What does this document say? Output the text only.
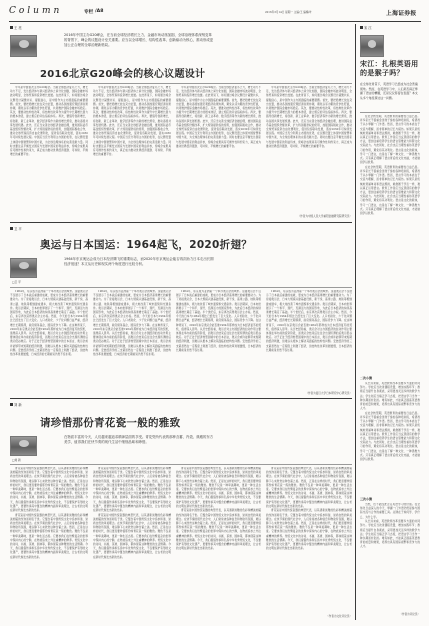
Column	专栏 /A8	2016年3月14日 星期一 主编/王 编辑/叶	上海证券报
王 亮
2016北京G20峰会的核心议题设计
2016年中国主办G20峰会，在当前全球经济增长乏力、金融市场动荡加剧、全球治理体系深刻变革的背景下，峰会的议题设计至关重要。应当以全球增长、结构性改革、创新驱动为核心，推动形成更加公正合理的全球治理新格局。

今年是中国首次主办G20峰会。当前全球经济复苏乏力，增长动力不足，发达经济体与新兴经济体之间分化加剧，国际金融市场波动明显，全球贸易和投资增长放缓。在此背景下，如何通过峰会议题设计凝聚共识、提振信心，是中国作为主办国面临的重要课题。首先，要把稳增长放在突出位置，推动各国加强宏观经济政策协调，避免以邻为壑的竞争性贬值，共同维护国际金融市场稳定。其次，要推动结构性改革，将结构性改革作为提升中长期增长潜力的根本途径，建立相应的评估指标体系。再次，要倡导创新增长，将创新、新工业革命、数字经济等作为新的增长源泉，推动各国共享发展机遇。此外，还应当完善全球经济金融治理，推进国际货币基金组织份额改革，扩大特别提款权的使用，加强国际税收合作，推动全球贸易投资自由化便利化，促进包容联动发展，落实2030年可持续发展议程。中国应当充分利用主办国的优势，在议题设置上体现中国智慧和中国方案，为全球治理体系的完善贡献力量。同时也要注意平衡发达国家与发展中国家的利益诉求，使峰会成果具有可操作性和约束力，真正成为推动世界经济强劲、可持续、平衡增长的重要平台。

今年是中国首次主办G20峰会。当前全球经济复苏乏力，增长动力不足，发达经济体与新兴经济体之间分化加剧，国际金融市场波动明显，全球贸易和投资增长放缓。在此背景下，如何通过峰会议题设计凝聚共识、提振信心，是中国作为主办国面临的重要课题。首先，要把稳增长放在突出位置，推动各国加强宏观经济政策协调，避免以邻为壑的竞争性贬值，共同维护国际金融市场稳定。其次，要推动结构性改革，将结构性改革作为提升中长期增长潜力的根本途径，建立相应的评估指标体系。再次，要倡导创新增长，将创新、新工业革命、数字经济等作为新的增长源泉，推动各国共享发展机遇。此外，还应当完善全球经济金融治理，推进国际货币基金组织份额改革，扩大特别提款权的使用，加强国际税收合作，推动全球贸易投资自由化便利化，促进包容联动发展，落实2030年可持续发展议程。中国应当充分利用主办国的优势，在议题设置上体现中国智慧和中国方案，为全球治理体系的完善贡献力量。同时也要注意平衡发达国家与发展中国家的利益诉求，使峰会成果具有可操作性和约束力，真正成为推动世界经济强劲、可持续、平衡增长的重要平台。

今年是中国首次主办G20峰会。当前全球经济复苏乏力，增长动力不足，发达经济体与新兴经济体之间分化加剧，国际金融市场波动明显，全球贸易和投资增长放缓。在此背景下，如何通过峰会议题设计凝聚共识、提振信心，是中国作为主办国面临的重要课题。首先，要把稳增长放在突出位置，推动各国加强宏观经济政策协调，避免以邻为壑的竞争性贬值，共同维护国际金融市场稳定。其次，要推动结构性改革，将结构性改革作为提升中长期增长潜力的根本途径，建立相应的评估指标体系。再次，要倡导创新增长，将创新、新工业革命、数字经济等作为新的增长源泉，推动各国共享发展机遇。此外，还应当完善全球经济金融治理，推进国际货币基金组织份额改革，扩大特别提款权的使用，加强国际税收合作，推动全球贸易投资自由化便利化，促进包容联动发展，落实2030年可持续发展议程。中国应当充分利用主办国的优势，在议题设置上体现中国智慧和中国方案，为全球治理体系的完善贡献力量。同时也要注意平衡发达国家与发展中国家的利益诉求，使峰会成果具有可操作性和约束力，真正成为推动世界经济强劲、可持续、平衡增长的重要平台。

今年是中国首次主办G20峰会。当前全球经济复苏乏力，增长动力不足，发达经济体与新兴经济体之间分化加剧，国际金融市场波动明显，全球贸易和投资增长放缓。在此背景下，如何通过峰会议题设计凝聚共识、提振信心，是中国作为主办国面临的重要课题。首先，要把稳增长放在突出位置，推动各国加强宏观经济政策协调，避免以邻为壑的竞争性贬值，共同维护国际金融市场稳定。其次，要推动结构性改革，将结构性改革作为提升中长期增长潜力的根本途径，建立相应的评估指标体系。再次，要倡导创新增长，将创新、新工业革命、数字经济等作为新的增长源泉，推动各国共享发展机遇。此外，还应当完善全球经济金融治理，推进国际货币基金组织份额改革，扩大特别提款权的使用，加强国际税收合作，推动全球贸易投资自由化便利化，促进包容联动发展，落实2030年可持续发展议程。中国应当充分利用主办国的优势，在议题设置上体现中国智慧和中国方案，为全球治理体系的完善贡献力量。同时也要注意平衡发达国家与发展中国家的利益诉求，使峰会成果具有可操作性和约束力，真正成为推动世界经济强劲、可持续、平衡增长的重要平台。

（作者为中国人民大学重阳金融研究院研究员）
宋 江
宋江：扎根英语用的是猴子吗？
在全球化背景下，英语学习已经成为社会普遍现象。然而，在英语学习中，人们是否真正掌握了语言的精髓，还是仅仅停留在表面？本文从多个角度探讨这一问题。

在社会转型期，英语教育的重要性日益凸显。许多家长不惜重金送孩子参加各种培训班，希望孩子从小掌握一门外语。然而，语言学习的本质在于交流与理解，而非简单的记忆与模仿。如果只是机械地背诵单词和语法规则，就像猴子学舌一样，难以真正运用语言。教育工作者应当反思现有的教学方法，更加注重培养学生的语言思维能力和跨文化交际能力。与此同时，社会也应当理性看待英语学习的作用，避免将其功利化。语言是文化的载体，学习一门语言，也是在了解一种文化、一种思维方式。只有真正理解了语言背后的文化内涵，才能做到学以致用。

在社会转型期，英语教育的重要性日益凸显。许多家长不惜重金送孩子参加各种培训班，希望孩子从小掌握一门外语。然而，语言学习的本质在于交流与理解，而非简单的记忆与模仿。如果只是机械地背诵单词和语法规则，就像猴子学舌一样，难以真正运用语言。教育工作者应当反思现有的教学方法，更加注重培养学生的语言思维能力和跨文化交际能力。与此同时，社会也应当理性看待英语学习的作用，避免将其功利化。语言是文化的载体，学习一门语言，也是在了解一种文化、一种思维方式。只有真正理解了语言背后的文化内涵，才能做到学以致用。

二次小测

从长远来看，英语教育改革需要多方面的共同努力。学校应当改进课程设置，增加实践环节；教师应当提升自身素质，采用更加灵活多样的教学方法；学生则应当端正学习态度，把语言学习当作一种乐趣而非负担。唯有如此，才能真正提高英语教育的质量和效果，培养出具有国际视野和竞争力的人才。

在社会转型期，英语教育的重要性日益凸显。许多家长不惜重金送孩子参加各种培训班，希望孩子从小掌握一门外语。然而，语言学习的本质在于交流与理解，而非简单的记忆与模仿。如果只是机械地背诵单词和语法规则，就像猴子学舌一样，难以真正运用语言。教育工作者应当反思现有的教学方法，更加注重培养学生的语言思维能力和跨文化交际能力。与此同时，社会也应当理性看待英语学习的作用，避免将其功利化。语言是文化的载体，学习一门语言，也是在了解一种文化、一种思维方式。只有真正理解了语言背后的文化内涵，才能做到学以致用。

三次小测

当然，也不能因此否定英语学习的价值。在全球化日益深入的今天，掌握一门外语仍然是参与国际交流与合作的重要工具。关键在于如何学、学什么、为什么学。

从长远来看，英语教育改革需要多方面的共同努力。学校应当改进课程设置，增加实践环节；教师应当提升自身素质，采用更加灵活多样的教学方法；学生则应当端正学习态度，把语言学习当作一种乐趣而非负担。唯有如此，才能真正提高英语教育的质量和效果，培养出具有国际视野和竞争力的人才。

（作者为评论员）
卫 平
奥运与日本国运：1964起飞，2020折翅？
□卫 平
1964年东京奥运会成为日本经济腾飞的重要标志，而2020年东京奥运会能否再次助力日本走出长期经济低迷？本文从历史和现实两个角度进行比较分析。

1964年，东京成为亚洲第一个举办奥运会的城市。这届奥运会不仅展示了日本战后重建的成就，更成为日本经济高速增长的重要推动力。为了迎接奥运会，日本大规模兴建基础设施，新干线、高速公路、地铁等相继建成通车，极大地改善了城市面貌和交通条件。奥运会期间，日本向世界展示了一个和平、现代、充满活力的国家形象，为此后日本经济的持续高速增长奠定了基础。半个世纪后，东京再次获得奥运会主办权。然而，今天的日本与1964年相比已经发生了巨大变化。人口老龄化、少子化问题日益严重，经济增长长期停滞，政府债务高企，国际竞争力下降。在这种背景下，2020年东京奥运会能否像1964年那样成为日本经济复苏的契机，值得深入思考。从历史经验看，奥运会对主办国经济的拉动作用主要体现在举办前的投资阶段，而奥运会结束后往往会出现所谓的后奥运低谷效应。对于正处于经济转型困境中的日本而言，奥运会或许能够带来短期的经济刺激，但难以从根本上解决其面临的结构性问题。安倍经济学的三支箭虽然在一定程度上刺激了经济，但结构性改革进展缓慢，日本经济的长期前景仍然不容乐观。

1964年，东京成为亚洲第一个举办奥运会的城市。这届奥运会不仅展示了日本战后重建的成就，更成为日本经济高速增长的重要推动力。为了迎接奥运会，日本大规模兴建基础设施，新干线、高速公路、地铁等相继建成通车，极大地改善了城市面貌和交通条件。奥运会期间，日本向世界展示了一个和平、现代、充满活力的国家形象，为此后日本经济的持续高速增长奠定了基础。半个世纪后，东京再次获得奥运会主办权。然而，今天的日本与1964年相比已经发生了巨大变化。人口老龄化、少子化问题日益严重，经济增长长期停滞，政府债务高企，国际竞争力下降。在这种背景下，2020年东京奥运会能否像1964年那样成为日本经济复苏的契机，值得深入思考。从历史经验看，奥运会对主办国经济的拉动作用主要体现在举办前的投资阶段，而奥运会结束后往往会出现所谓的后奥运低谷效应。对于正处于经济转型困境中的日本而言，奥运会或许能够带来短期的经济刺激，但难以从根本上解决其面临的结构性问题。安倍经济学的三支箭虽然在一定程度上刺激了经济，但结构性改革进展缓慢，日本经济的长期前景仍然不容乐观。

1964年，东京成为亚洲第一个举办奥运会的城市。这届奥运会不仅展示了日本战后重建的成就，更成为日本经济高速增长的重要推动力。为了迎接奥运会，日本大规模兴建基础设施，新干线、高速公路、地铁等相继建成通车，极大地改善了城市面貌和交通条件。奥运会期间，日本向世界展示了一个和平、现代、充满活力的国家形象，为此后日本经济的持续高速增长奠定了基础。半个世纪后，东京再次获得奥运会主办权。然而，今天的日本与1964年相比已经发生了巨大变化。人口老龄化、少子化问题日益严重，经济增长长期停滞，政府债务高企，国际竞争力下降。在这种背景下，2020年东京奥运会能否像1964年那样成为日本经济复苏的契机，值得深入思考。从历史经验看，奥运会对主办国经济的拉动作用主要体现在举办前的投资阶段，而奥运会结束后往往会出现所谓的后奥运低谷效应。对于正处于经济转型困境中的日本而言，奥运会或许能够带来短期的经济刺激，但难以从根本上解决其面临的结构性问题。安倍经济学的三支箭虽然在一定程度上刺激了经济，但结构性改革进展缓慢，日本经济的长期前景仍然不容乐观。

1964年，东京成为亚洲第一个举办奥运会的城市。这届奥运会不仅展示了日本战后重建的成就，更成为日本经济高速增长的重要推动力。为了迎接奥运会，日本大规模兴建基础设施，新干线、高速公路、地铁等相继建成通车，极大地改善了城市面貌和交通条件。奥运会期间，日本向世界展示了一个和平、现代、充满活力的国家形象，为此后日本经济的持续高速增长奠定了基础。半个世纪后，东京再次获得奥运会主办权。然而，今天的日本与1964年相比已经发生了巨大变化。人口老龄化、少子化问题日益严重，经济增长长期停滞，政府债务高企，国际竞争力下降。在这种背景下，2020年东京奥运会能否像1964年那样成为日本经济复苏的契机，值得深入思考。从历史经验看，奥运会对主办国经济的拉动作用主要体现在举办前的投资阶段，而奥运会结束后往往会出现所谓的后奥运低谷效应。对于正处于经济转型困境中的日本而言，奥运会或许能够带来短期的经济刺激，但难以从根本上解决其面临的结构性问题。安倍经济学的三支箭虽然在一定程度上刺激了经济，但结构性改革进展缓慢，日本经济的长期前景仍然不容乐观。

（作者为复旦大学日本研究中心研究员）
刘 新
请珍惜那份青花瓷一般的雅致
□刘 新
在物质丰富的今天，人们越来越追求精神层面的享受。青花瓷所代表的那种含蓄、内敛、典雅的东方美学，值得我们在快节奏的现代生活中细细品味和珍惜。

青花瓷是中国传统瓷器的典型代表，以其清新淡雅的色彩和精美细腻的纹饰而闻名于世。它蕴含着中国传统文化中追求和谐、崇尚自然的审美理念。在快节奏的现代社会中，人们常常被各种信息和物欲所包围，难以静下心来欣赏这种含蓄之美。然而，正是在这样的时代，我们更需要珍惜那份如青花瓷一般的雅致。雅致不仅是一种审美趣味，更是一种生活态度。它要求我们在纷繁复杂的世界中保持内心的宁静，在物质追求之外注重精神的修养。传统文化中的诗词、书画、茶道、园林等，都体现着这种雅致的生活情趣。今天，我们提倡传承和弘扬中华优秀传统文化，不仅要保护有形的文化遗产，更要传承其中蕴含的精神内涵和审美理念，让古老的文明在新时代焕发出新的光彩。

青花瓷是中国传统瓷器的典型代表，以其清新淡雅的色彩和精美细腻的纹饰而闻名于世。它蕴含着中国传统文化中追求和谐、崇尚自然的审美理念。在快节奏的现代社会中，人们常常被各种信息和物欲所包围，难以静下心来欣赏这种含蓄之美。然而，正是在这样的时代，我们更需要珍惜那份如青花瓷一般的雅致。雅致不仅是一种审美趣味，更是一种生活态度。它要求我们在纷繁复杂的世界中保持内心的宁静，在物质追求之外注重精神的修养。传统文化中的诗词、书画、茶道、园林等，都体现着这种雅致的生活情趣。今天，我们提倡传承和弘扬中华优秀传统文化，不仅要保护有形的文化遗产，更要传承其中蕴含的精神内涵和审美理念，让古老的文明在新时代焕发出新的光彩。

青花瓷是中国传统瓷器的典型代表，以其清新淡雅的色彩和精美细腻的纹饰而闻名于世。它蕴含着中国传统文化中追求和谐、崇尚自然的审美理念。在快节奏的现代社会中，人们常常被各种信息和物欲所包围，难以静下心来欣赏这种含蓄之美。然而，正是在这样的时代，我们更需要珍惜那份如青花瓷一般的雅致。雅致不仅是一种审美趣味，更是一种生活态度。它要求我们在纷繁复杂的世界中保持内心的宁静，在物质追求之外注重精神的修养。传统文化中的诗词、书画、茶道、园林等，都体现着这种雅致的生活情趣。今天，我们提倡传承和弘扬中华优秀传统文化，不仅要保护有形的文化遗产，更要传承其中蕴含的精神内涵和审美理念，让古老的文明在新时代焕发出新的光彩。

青花瓷是中国传统瓷器的典型代表，以其清新淡雅的色彩和精美细腻的纹饰而闻名于世。它蕴含着中国传统文化中追求和谐、崇尚自然的审美理念。在快节奏的现代社会中，人们常常被各种信息和物欲所包围，难以静下心来欣赏这种含蓄之美。然而，正是在这样的时代，我们更需要珍惜那份如青花瓷一般的雅致。雅致不仅是一种审美趣味，更是一种生活态度。它要求我们在纷繁复杂的世界中保持内心的宁静，在物质追求之外注重精神的修养。传统文化中的诗词、书画、茶道、园林等，都体现着这种雅致的生活情趣。今天，我们提倡传承和弘扬中华优秀传统文化，不仅要保护有形的文化遗产，更要传承其中蕴含的精神内涵和审美理念，让古老的文明在新时代焕发出新的光彩。

青花瓷是中国传统瓷器的典型代表，以其清新淡雅的色彩和精美细腻的纹饰而闻名于世。它蕴含着中国传统文化中追求和谐、崇尚自然的审美理念。在快节奏的现代社会中，人们常常被各种信息和物欲所包围，难以静下心来欣赏这种含蓄之美。然而，正是在这样的时代，我们更需要珍惜那份如青花瓷一般的雅致。雅致不仅是一种审美趣味，更是一种生活态度。它要求我们在纷繁复杂的世界中保持内心的宁静，在物质追求之外注重精神的修养。传统文化中的诗词、书画、茶道、园林等，都体现着这种雅致的生活情趣。今天，我们提倡传承和弘扬中华优秀传统文化，不仅要保护有形的文化遗产，更要传承其中蕴含的精神内涵和审美理念，让古老的文明在新时代焕发出新的光彩。

青花瓷是中国传统瓷器的典型代表，以其清新淡雅的色彩和精美细腻的纹饰而闻名于世。它蕴含着中国传统文化中追求和谐、崇尚自然的审美理念。在快节奏的现代社会中，人们常常被各种信息和物欲所包围，难以静下心来欣赏这种含蓄之美。然而，正是在这样的时代，我们更需要珍惜那份如青花瓷一般的雅致。雅致不仅是一种审美趣味，更是一种生活态度。它要求我们在纷繁复杂的世界中保持内心的宁静，在物质追求之外注重精神的修养。传统文化中的诗词、书画、茶道、园林等，都体现着这种雅致的生活情趣。今天，我们提倡传承和弘扬中华优秀传统文化，不仅要保护有形的文化遗产，更要传承其中蕴含的精神内涵和审美理念，让古老的文明在新时代焕发出新的光彩。

青花瓷是中国传统瓷器的典型代表，以其清新淡雅的色彩和精美细腻的纹饰而闻名于世。它蕴含着中国传统文化中追求和谐、崇尚自然的审美理念。在快节奏的现代社会中，人们常常被各种信息和物欲所包围，难以静下心来欣赏这种含蓄之美。然而，正是在这样的时代，我们更需要珍惜那份如青花瓷一般的雅致。雅致不仅是一种审美趣味，更是一种生活态度。它要求我们在纷繁复杂的世界中保持内心的宁静，在物质追求之外注重精神的修养。传统文化中的诗词、书画、茶道、园林等，都体现着这种雅致的生活情趣。今天，我们提倡传承和弘扬中华优秀传统文化，不仅要保护有形的文化遗产，更要传承其中蕴含的精神内涵和审美理念，让古老的文明在新时代焕发出新的光彩。

青花瓷是中国传统瓷器的典型代表，以其清新淡雅的色彩和精美细腻的纹饰而闻名于世。它蕴含着中国传统文化中追求和谐、崇尚自然的审美理念。在快节奏的现代社会中，人们常常被各种信息和物欲所包围，难以静下心来欣赏这种含蓄之美。然而，正是在这样的时代，我们更需要珍惜那份如青花瓷一般的雅致。雅致不仅是一种审美趣味，更是一种生活态度。它要求我们在纷繁复杂的世界中保持内心的宁静，在物质追求之外注重精神的修养。传统文化中的诗词、书画、茶道、园林等，都体现着这种雅致的生活情趣。今天，我们提倡传承和弘扬中华优秀传统文化，不仅要保护有形的文化遗产，更要传承其中蕴含的精神内涵和审美理念，让古老的文明在新时代焕发出新的光彩。

（作者为文化评论员）
